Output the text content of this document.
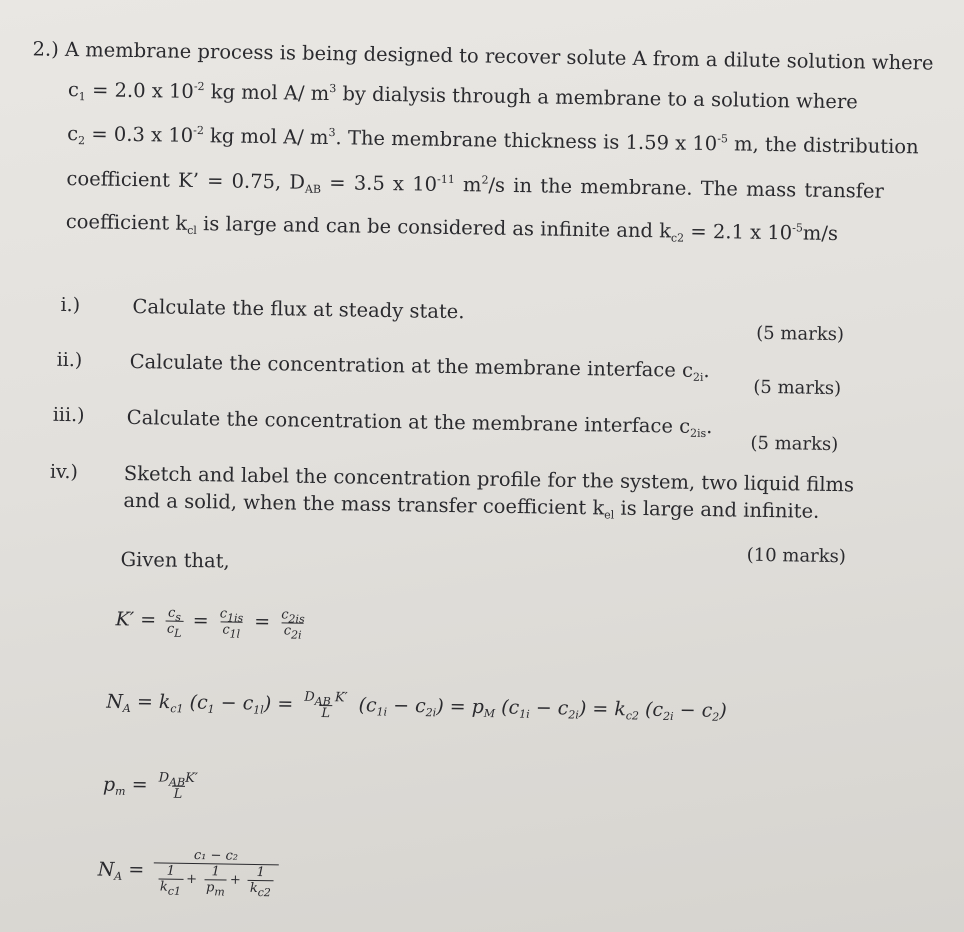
2.) A membrane process is being designed to recover solute A from a dilute solution where
$c_1 = 2.0$ x $10^{-2}$ kg mol A/ $m^3$ by dialysis through a membrane to a solution where
$c_2 = 0.3$ x $10^{-2}$ kg mol A/ $m^3$. The membrane thickness is 1.59 x $10^{-5}$ m, the distribution
coefficient K’ = 0.75, $D_{AB} = 3.5$ x $10^{-11}$ $m^2/s$ in the membrane. The mass transfer
coefficient $k_{cl}$ is large and can be considered as infinite and $k_{c2} = 2.1$ x $10^{-5}m/s$
i.)	Calculate the flux at steady state.
(5 marks)
ii.) Calculate the concentration at the membrane interface $c_{2i}$.
(5 marks)
iii.) Calculate the concentration at the membrane interface $c_{2is}$.
(5 marks)
iv.) Sketch and label the concentration profile for the system, two liquid films
and a solid, when the mass transfer coefficient $k_{el}$ is large and infinite.
(10 marks)
Given that,
$K' = \frac{c_s}{c_L} = \frac{c_{1is}}{c_{1l}} = \frac{c_{2is}}{c_{2i}}$
$N_A = k_{c1}$ $(c_1 - c_{1l}) = \frac{D_{AB} K'}{L} (c_{1i} - c_{2i}) = p_M$ $(c_{1i} - c_{2i}) = k_{c2}$ $(c_{2i} - c_2)$
$p_m = \frac{D_{AB}K'}{L}$
$N_A = \frac{\text{c₁ − c₂}}{\frac{1}{k_{c1}} + \frac{1}{p_m} + \frac{1}{k_{c2}}}$
